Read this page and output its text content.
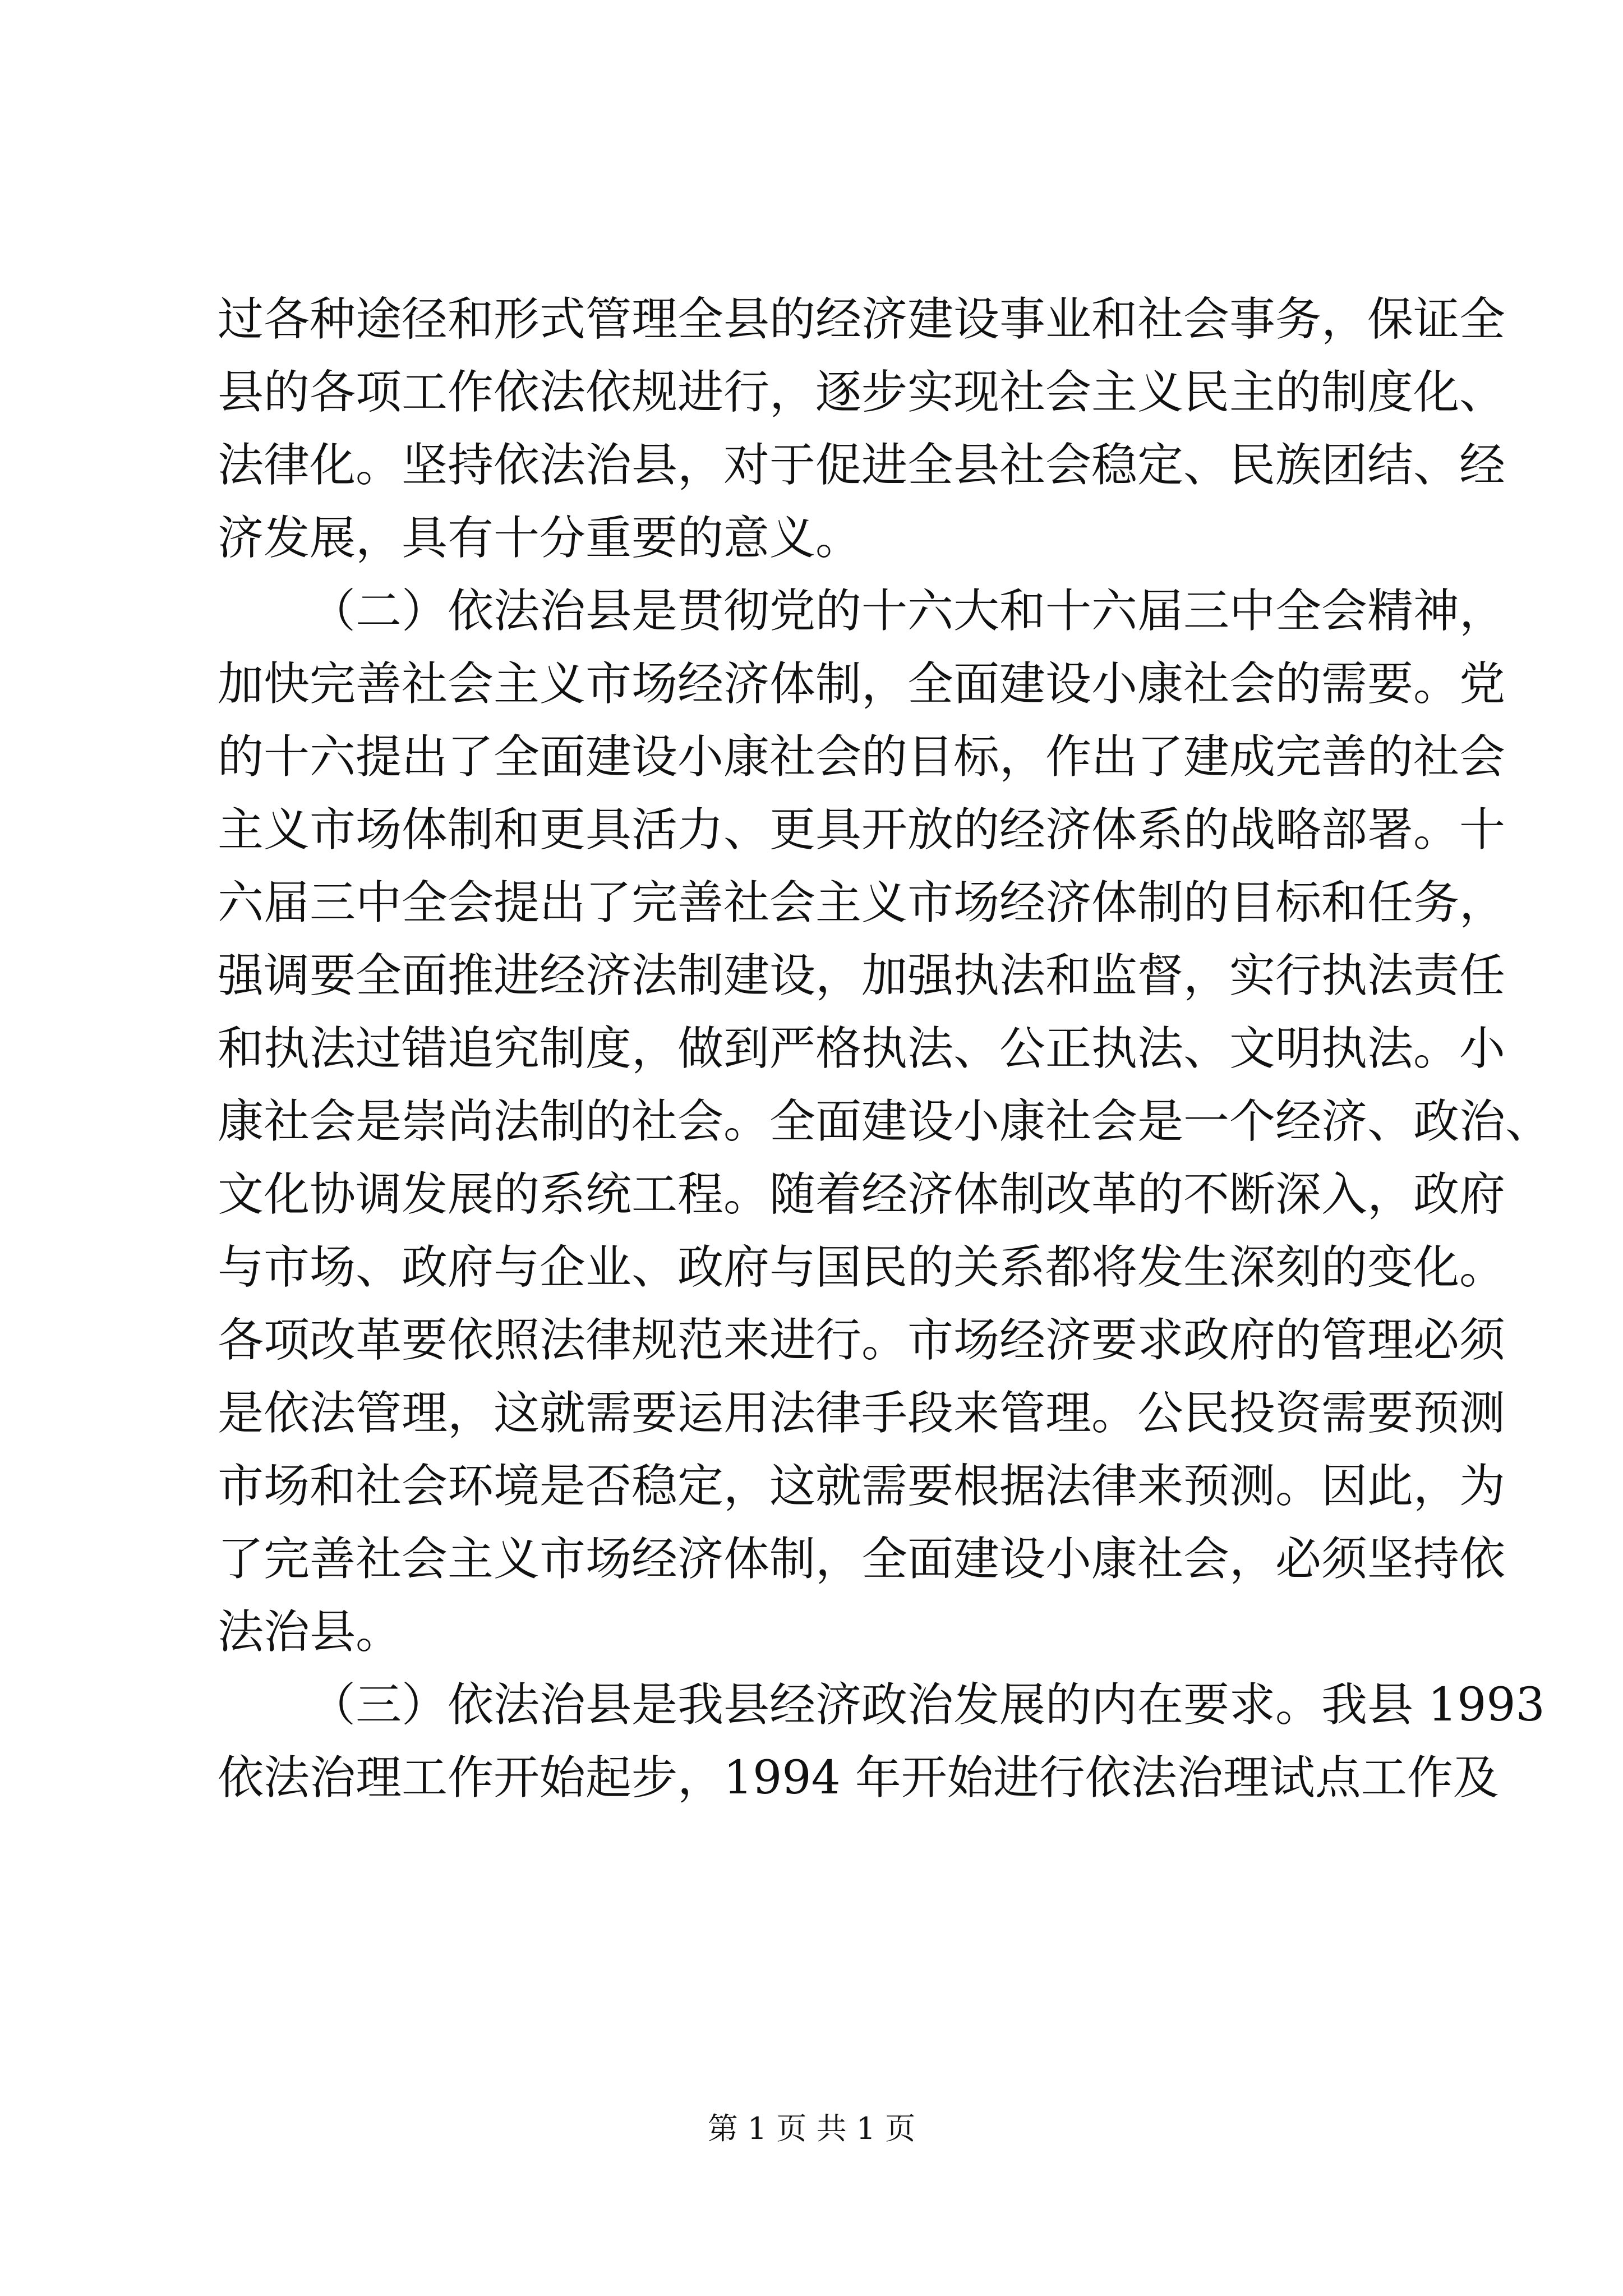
过各种途径和形式管理全县的经济建设事业和社会事务，保证全
县的各项工作依法依规进行，逐步实现社会主义民主的制度化、
法律化。坚持依法治县，对于促进全县社会稳定、民族团结、经
济发展，具有十分重要的意义。
（二）依法治县是贯彻党的十六大和十六届三中全会精神，
加快完善社会主义市场经济体制，全面建设小康社会的需要。党
的十六提出了全面建设小康社会的目标，作出了建成完善的社会
主义市场体制和更具活力、更具开放的经济体系的战略部署。十
六届三中全会提出了完善社会主义市场经济体制的目标和任务，
强调要全面推进经济法制建设，加强执法和监督，实行执法责任
和执法过错追究制度，做到严格执法、公正执法、文明执法。小
康社会是崇尚法制的社会。全面建设小康社会是一个经济、政治、
文化协调发展的系统工程。随着经济体制改革的不断深入，政府
与市场、政府与企业、政府与国民的关系都将发生深刻的变化。
各项改革要依照法律规范来进行。市场经济要求政府的管理必须
是依法管理，这就需要运用法律手段来管理。公民投资需要预测
市场和社会环境是否稳定，这就需要根据法律来预测。因此，为
了完善社会主义市场经济体制，全面建设小康社会，必须坚持依
法治县。
（三）依法治县是我县经济政治发展的内在要求。我县 1993
依法治理工作开始起步，1994 年开始进行依法治理试点工作及
第 1 页 共 1 页
